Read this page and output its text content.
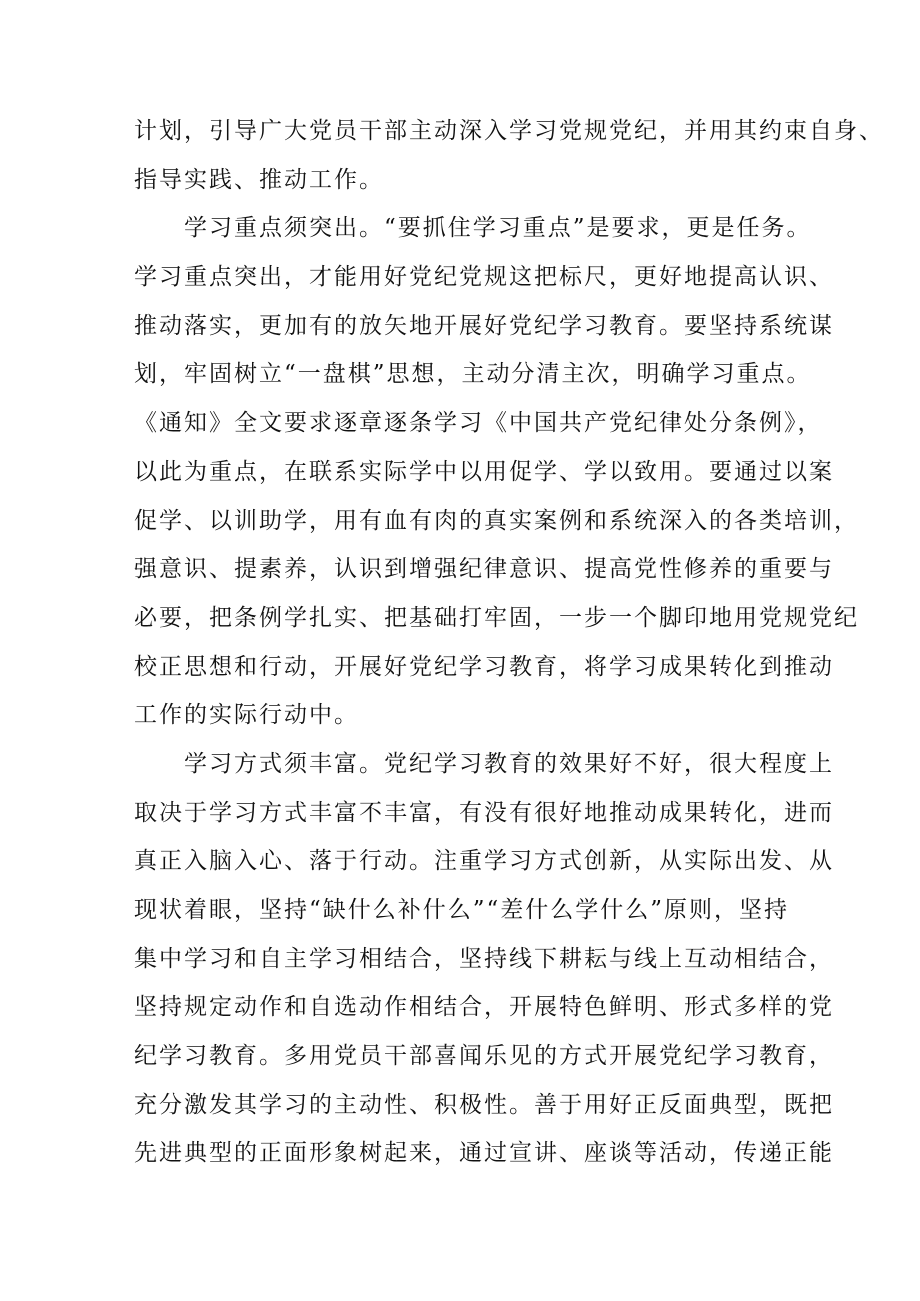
计划，引导广大党员干部主动深入学习党规党纪，并用其约束自身、
指导实践、推动工作。
学习重点须突出。“要抓住学习重点”是要求，更是任务。
学习重点突出，才能用好党纪党规这把标尺，更好地提高认识、
推动落实，更加有的放矢地开展好党纪学习教育。要坚持系统谋
划，牢固树立“一盘棋”思想，主动分清主次，明确学习重点。
《通知》全文要求逐章逐条学习《中国共产党纪律处分条例》，
以此为重点，在联系实际学中以用促学、学以致用。要通过以案
促学、以训助学，用有血有肉的真实案例和系统深入的各类培训，
强意识、提素养，认识到增强纪律意识、提高党性修养的重要与
必要，把条例学扎实、把基础打牢固，一步一个脚印地用党规党纪
校正思想和行动，开展好党纪学习教育，将学习成果转化到推动
工作的实际行动中。
学习方式须丰富。党纪学习教育的效果好不好，很大程度上
取决于学习方式丰富不丰富，有没有很好地推动成果转化，进而
真正入脑入心、落于行动。注重学习方式创新，从实际出发、从
现状着眼，坚持“缺什么补什么”“差什么学什么”原则，坚持
集中学习和自主学习相结合，坚持线下耕耘与线上互动相结合，
坚持规定动作和自选动作相结合，开展特色鲜明、形式多样的党
纪学习教育。多用党员干部喜闻乐见的方式开展党纪学习教育，
充分激发其学习的主动性、积极性。善于用好正反面典型，既把
先进典型的正面形象树起来，通过宣讲、座谈等活动，传递正能
